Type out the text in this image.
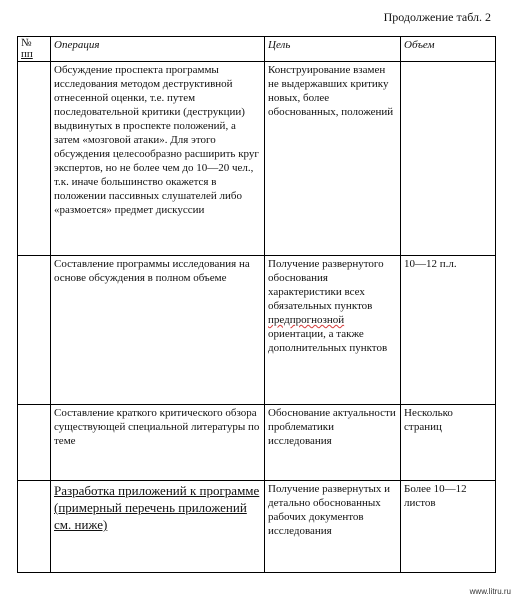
Продолжение табл. 2
№
пп	Операция	Цель	Объем
	Обсуждение проспекта программы исследования методом деструктивной отнесенной оценки, т.е. путем последовательной критики (деструкции) выдвинутых в проспекте положений, а затем «мозговой атаки». Для этого обсуждения целесообразно расширить круг экспертов, но не более чем до 10—20 чел., т.к. иначе большинство окажется в положении пассивных слушателей либо «размоется» предмет дискуссии	Конструирование взамен не выдержавших критику новых, более обоснованных, положений	
	Составление программы исследования на основе обсуждения в полном объеме	Получение развернутого обоснования характеристики всех обязательных пунктов предпрогнозной ориентации, а также дополнительных пунктов	10—12 п.л.
	Составление краткого критического обзора существующей специальной литературы по теме	Обоснование актуальности проблематики исследования	Несколько страниц
	Разработка приложений к программе (примерный перечень приложений см. ниже)	Получение развернутых и детально обоснованных рабочих документов исследования	Более 10—12 листов
www.litru.ru
